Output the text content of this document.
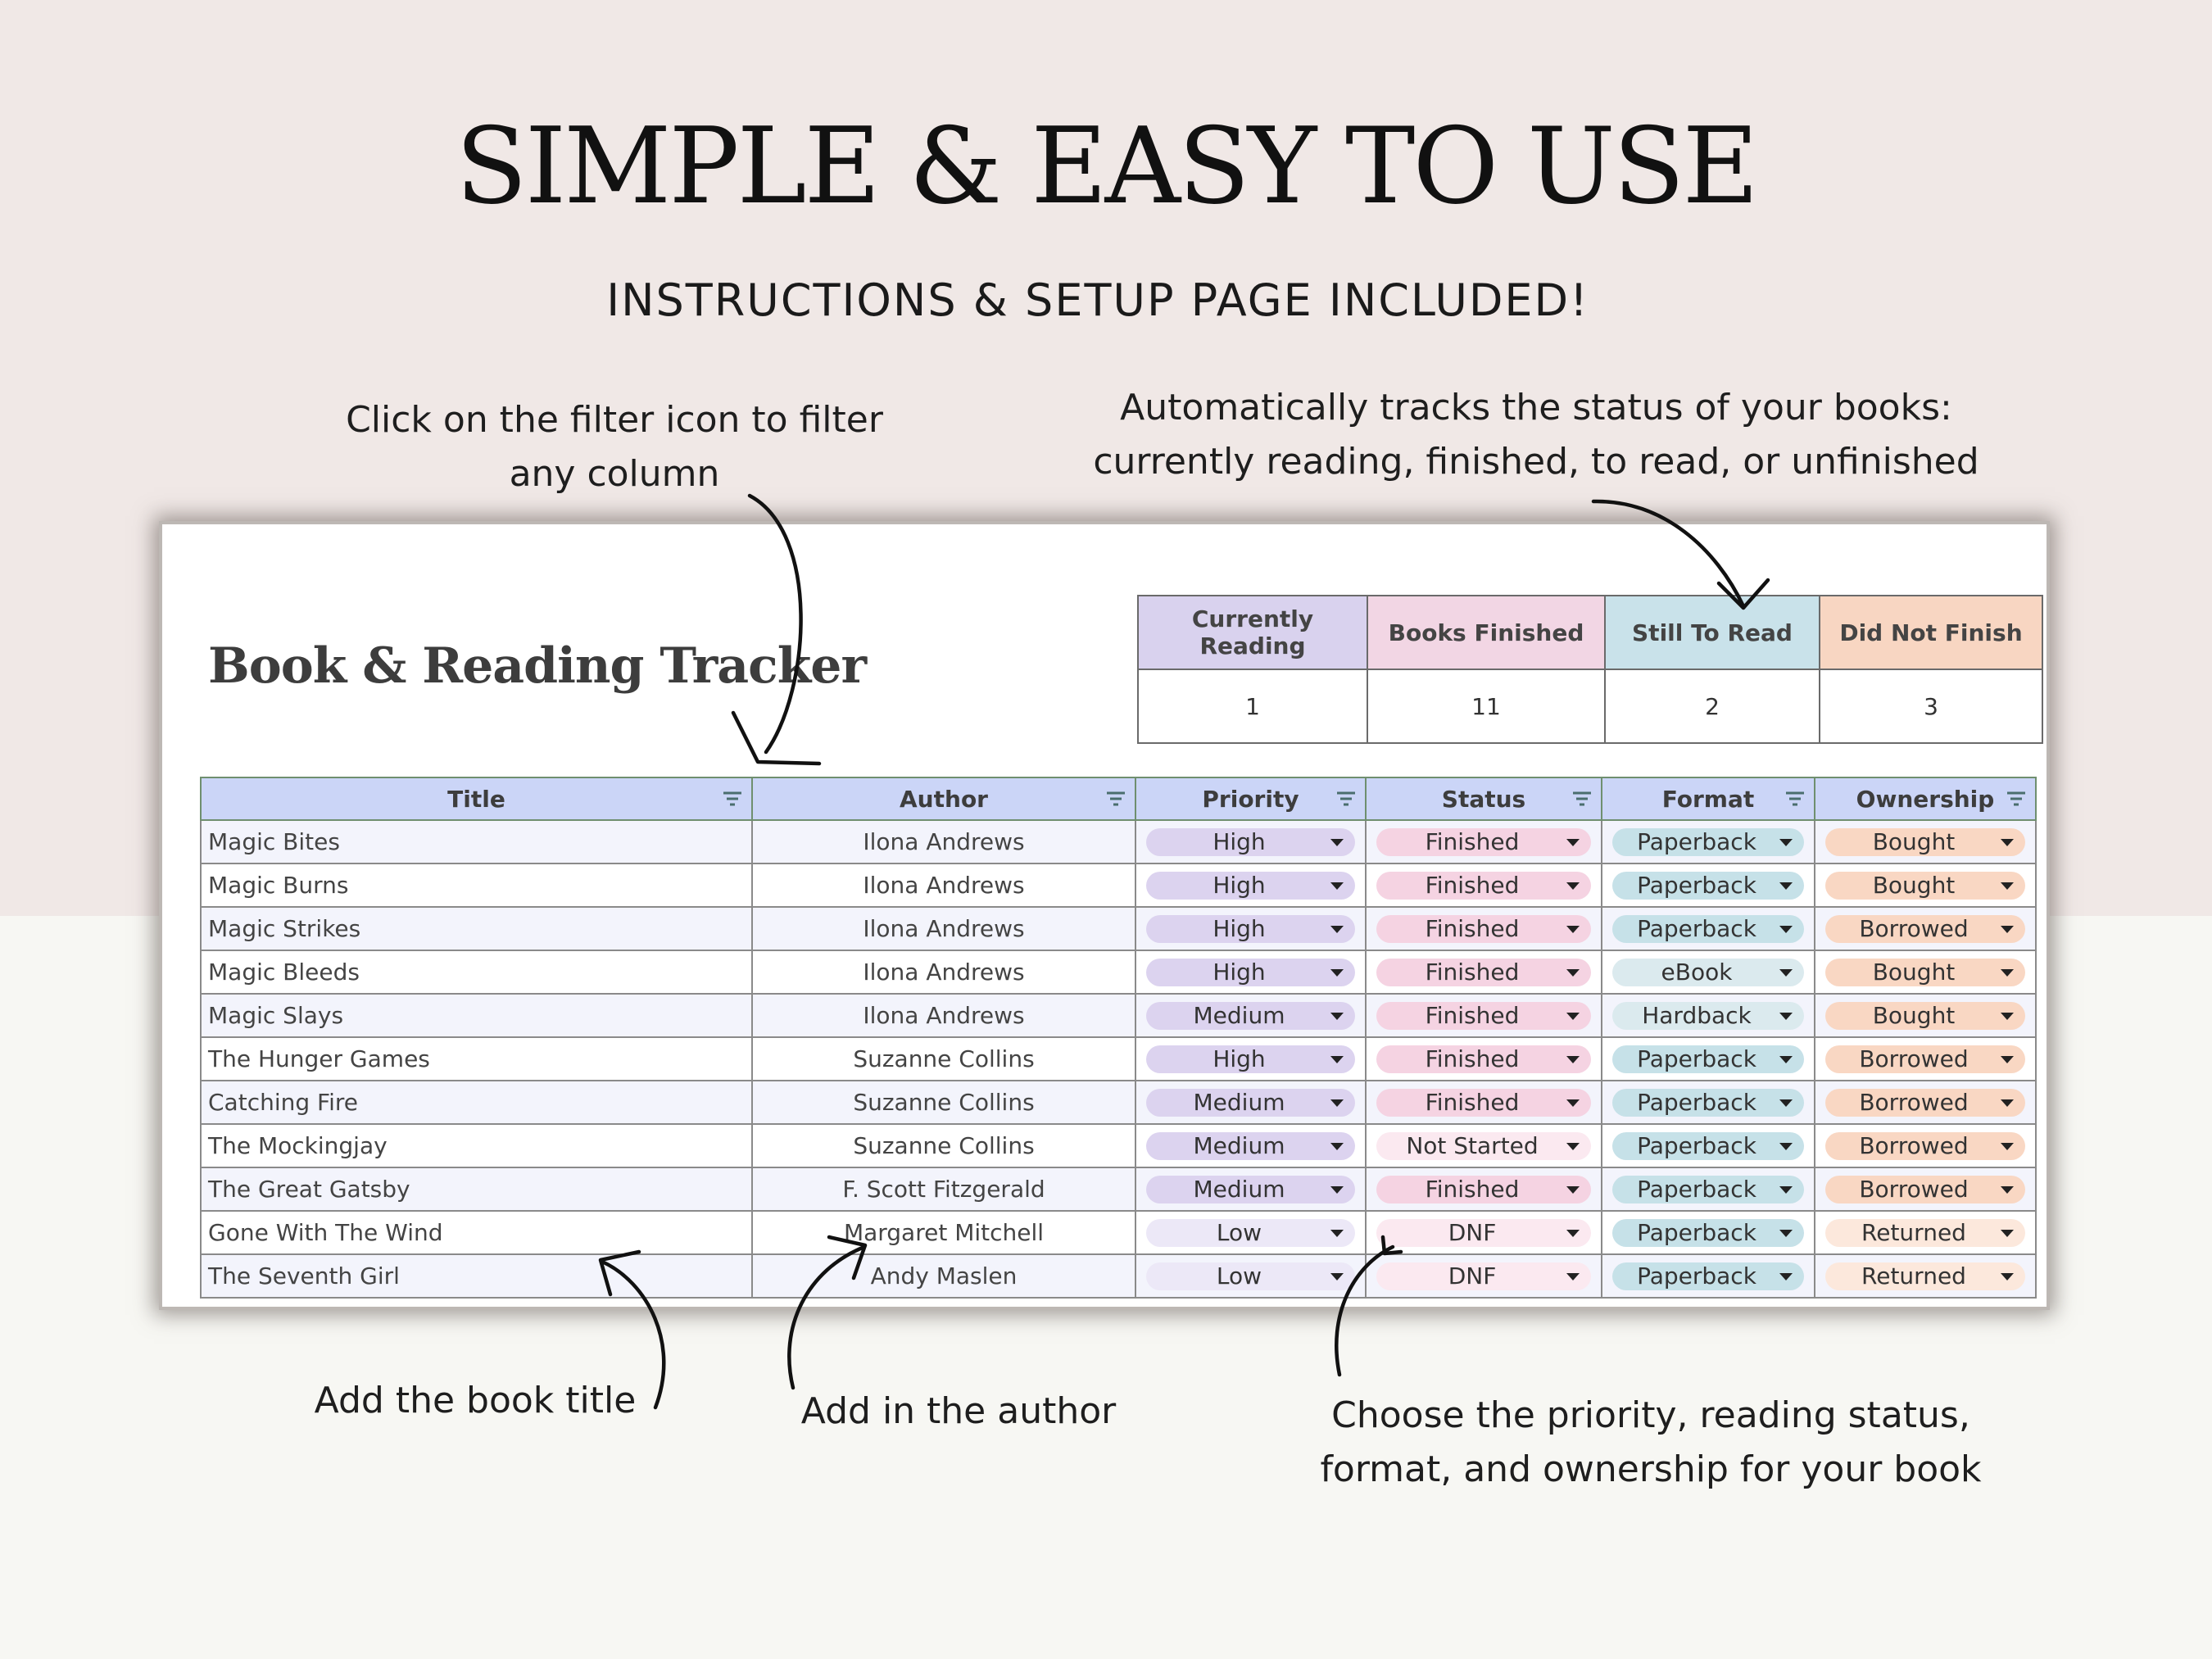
SIMPLE & EASY TO USE
INSTRUCTIONS & SETUP PAGE INCLUDED!
Click on the filter icon to filter
any column
Automatically tracks the status of your books:
currently reading, finished, to read, or unfinished
Book & Reading Tracker
Currently Reading	Books Finished	Still To Read	Did Not Finish
1	11	2	3
Title	Author	Priority	Status	Format	Ownership

Magic Bites	Ilona Andrews	High	Finished	Paperback	Bought

Magic Burns	Ilona Andrews	High	Finished	Paperback	Bought

Magic Strikes	Ilona Andrews	High	Finished	Paperback	Borrowed

Magic Bleeds	Ilona Andrews	High	Finished	eBook	Bought

Magic Slays	Ilona Andrews	Medium	Finished	Hardback	Bought

The Hunger Games	Suzanne Collins	High	Finished	Paperback	Borrowed

Catching Fire	Suzanne Collins	Medium	Finished	Paperback	Borrowed

The Mockingjay	Suzanne Collins	Medium	Not Started	Paperback	Borrowed

The Great Gatsby	F. Scott Fitzgerald	Medium	Finished	Paperback	Borrowed

Gone With The Wind	Margaret Mitchell	Low	DNF	Paperback	Returned

The Seventh Girl	Andy Maslen	Low	DNF	Paperback	Returned
Add the book title	Add in the author	Choose the priority, reading status,
format, and ownership for your book
